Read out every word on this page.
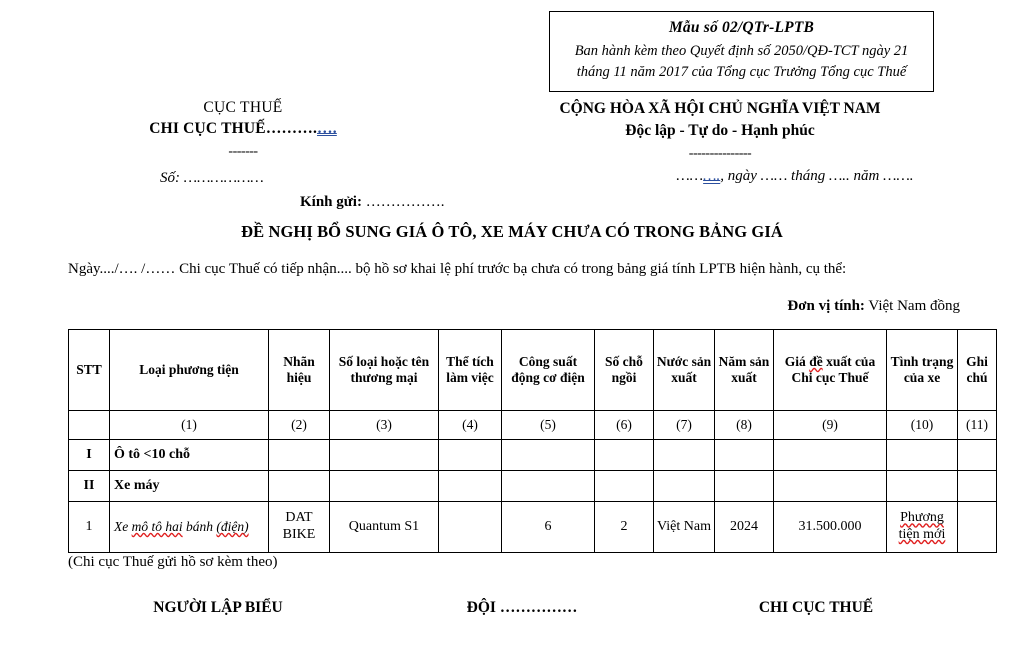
Mẫu số 02/QTr-LPTB
Ban hành kèm theo Quyết định số 2050/QĐ-TCT ngày 21
tháng 11 năm 2017 của Tổng cục Trưởng Tổng cục Thuế
CỤC THUẾ
CHI CỤC THUẾ……….….
-------
Số: ………………
CỘNG HÒA XÃ HỘI CHỦ NGHĨA VIỆT NAM
Độc lập - Tự do - Hạnh phúc
---------------
………., ngày …… tháng ….. năm …….
Kính gửi: …………….
ĐỀ NGHỊ BỔ SUNG GIÁ Ô TÔ, XE MÁY CHƯA CÓ TRONG BẢNG GIÁ
Ngày..../…. /…… Chi cục Thuế có tiếp nhận.... bộ hồ sơ khai lệ phí trước bạ chưa có trong bảng giá tính LPTB hiện hành, cụ thể:
Đơn vị tính: Việt Nam đồng
STT	Loại phương tiện	Nhãn hiệu	Số loại hoặc tên thương mại	Thể tích làm việc	Công suất động cơ điện	Số chỗ ngồi	Nước sản xuất	Năm sản xuất	Giá đề xuất của Chi cục Thuế	Tình trạng của xe	Ghi chú
	(1)	(2)	(3)	(4)	(5)	(6)	(7)	(8)	(9)	(10)	(11)
I	Ô tô <10 chỗ										
II	Xe máy										
1	Xe mô tô hai bánh (điện)	DAT BIKE	Quantum S1		6	2	Việt Nam	2024	31.500.000	Phương tiện mới	
(Chi cục Thuế gửi hồ sơ kèm theo)
NGƯỜI LẬP BIỂU	ĐỘI ……………	CHI CỤC THUẾ
